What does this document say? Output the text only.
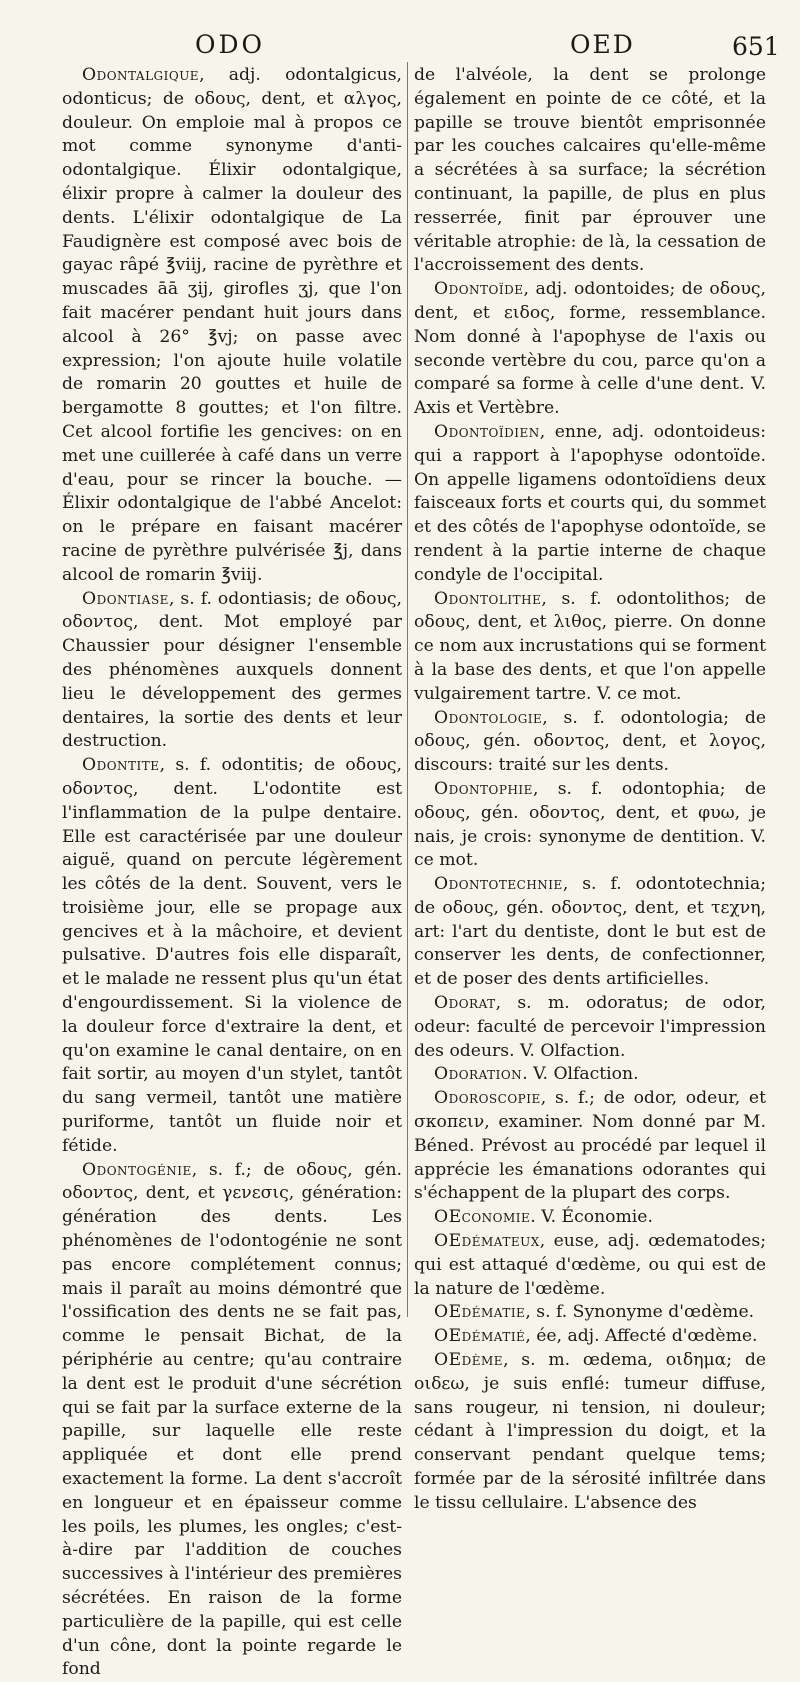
ODO	OED	651

Odontalgique, adj. odontalgicus, odonticus; de οδους, dent, et αλγος, douleur. On emploie mal à propos ce mot comme synonyme d'anti-odontalgique. Élixir odontalgique, élixir propre à calmer la douleur des dents. L'élixir odontalgique de La Faudignère est composé avec bois de gayac râpé ℥viij, racine de pyrèthre et muscades āā ʒij, girofles ʒj, que l'on fait macérer pendant huit jours dans alcool à 26° ℥vj; on passe avec expression; l'on ajoute huile volatile de romarin 20 gouttes et huile de bergamotte 8 gouttes; et l'on filtre. Cet alcool fortifie les gencives: on en met une cuillerée à café dans un verre d'eau, pour se rincer la bouche. — Élixir odontalgique de l'abbé Ancelot: on le prépare en faisant macérer racine de pyrèthre pulvérisée ℥j, dans alcool de romarin ℥viij.

Odontiase, s. f. odontiasis; de οδους, οδοντος, dent. Mot employé par Chaussier pour désigner l'ensemble des phénomènes auxquels donnent lieu le développement des germes dentaires, la sortie des dents et leur destruction.

Odontite, s. f. odontitis; de οδους, οδοντος, dent. L'odontite est l'inflammation de la pulpe dentaire. Elle est caractérisée par une douleur aiguë, quand on percute légèrement les côtés de la dent. Souvent, vers le troisième jour, elle se propage aux gencives et à la mâchoire, et devient pulsative. D'autres fois elle disparaît, et le malade ne ressent plus qu'un état d'engourdissement. Si la violence de la douleur force d'extraire la dent, et qu'on examine le canal dentaire, on en fait sortir, au moyen d'un stylet, tantôt du sang vermeil, tantôt une matière puriforme, tantôt un fluide noir et fétide.

Odontogénie, s. f.; de οδους, gén. οδοντος, dent, et γενεσις, génération: génération des dents. Les phénomènes de l'odontogénie ne sont pas encore complétement connus; mais il paraît au moins démontré que l'ossification des dents ne se fait pas, comme le pensait Bichat, de la périphérie au centre; qu'au contraire la dent est le produit d'une sécrétion qui se fait par la surface externe de la papille, sur laquelle elle reste appliquée et dont elle prend exactement la forme. La dent s'accroît en longueur et en épaisseur comme les poils, les plumes, les ongles; c'est-à-dire par l'addition de couches successives à l'intérieur des premières sécrétées. En raison de la forme particulière de la papille, qui est celle d'un cône, dont la pointe regarde le fond

de l'alvéole, la dent se prolonge également en pointe de ce côté, et la papille se trouve bientôt emprisonnée par les couches calcaires qu'elle-même a sécrétées à sa surface; la sécrétion continuant, la papille, de plus en plus resserrée, finit par éprouver une véritable atrophie: de là, la cessation de l'accroissement des dents.

Odontoïde, adj. odontoides; de οδους, dent, et ειδος, forme, ressemblance. Nom donné à l'apophyse de l'axis ou seconde vertèbre du cou, parce qu'on a comparé sa forme à celle d'une dent. V. Axis et Vertèbre.

Odontoïdien, enne, adj. odontoideus: qui a rapport à l'apophyse odontoïde. On appelle ligamens odontoïdiens deux faisceaux forts et courts qui, du sommet et des côtés de l'apophyse odontoïde, se rendent à la partie interne de chaque condyle de l'occipital.

Odontolithe, s. f. odontolithos; de οδους, dent, et λιθος, pierre. On donne ce nom aux incrustations qui se forment à la base des dents, et que l'on appelle vulgairement tartre. V. ce mot.

Odontologie, s. f. odontologia; de οδους, gén. οδοντος, dent, et λογος, discours: traité sur les dents.

Odontophie, s. f. odontophia; de οδους, gén. οδοντος, dent, et φυω, je nais, je crois: synonyme de dentition. V. ce mot.

Odontotechnie, s. f. odontotechnia; de οδους, gén. οδοντος, dent, et τεχνη, art: l'art du dentiste, dont le but est de conserver les dents, de confectionner, et de poser des dents artificielles.

Odorat, s. m. odoratus; de odor, odeur: faculté de percevoir l'impression des odeurs. V. Olfaction.

Odoration. V. Olfaction.

Odoroscopie, s. f.; de odor, odeur, et σκοπειν, examiner. Nom donné par M. Béned. Prévost au procédé par lequel il apprécie les émanations odorantes qui s'échappent de la plupart des corps.

OEconomie. V. Économie.

OEdémateux, euse, adj. œdematodes; qui est attaqué d'œdème, ou qui est de la nature de l'œdème.

OEdématie, s. f. Synonyme d'œdème.

OEdématié, ée, adj. Affecté d'œdème.

OEdème, s. m. œdema, οιδημα; de οιδεω, je suis enflé: tumeur diffuse, sans rougeur, ni tension, ni douleur; cédant à l'impression du doigt, et la conservant pendant quelque tems; formée par de la sérosité infiltrée dans le tissu cellulaire. L'absence des
